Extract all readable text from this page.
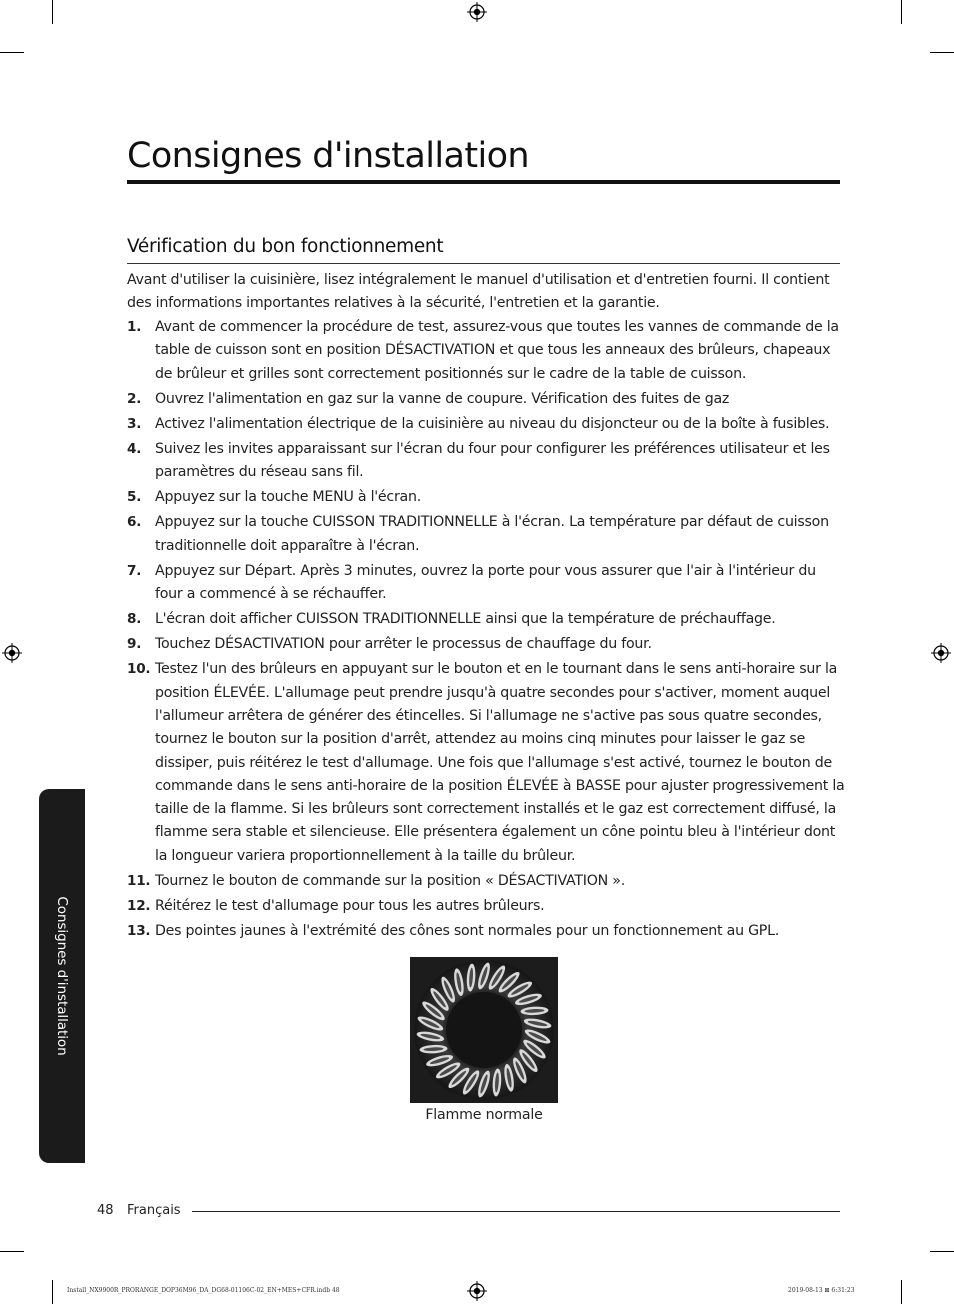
Consignes d'installation
Vérification du bon fonctionnement

Avant d'utiliser la cuisinière, lisez intégralement le manuel d'utilisation et d'entretien fourni. Il contient des informations importantes relatives à la sécurité, l'entretien et la garantie.

1. Avant de commencer la procédure de test, assurez-vous que toutes les vannes de commande de la table de cuisson sont en position DÉSACTIVATION et que tous les anneaux des brûleurs, chapeaux de brûleur et grilles sont correctement positionnés sur le cadre de la table de cuisson.
2. Ouvrez l'alimentation en gaz sur la vanne de coupure. Vérification des fuites de gaz
3. Activez l'alimentation électrique de la cuisinière au niveau du disjoncteur ou de la boîte à fusibles.
4. Suivez les invites apparaissant sur l'écran du four pour configurer les préférences utilisateur et les paramètres du réseau sans fil.
5. Appuyez sur la touche MENU à l'écran.
6. Appuyez sur la touche CUISSON TRADITIONNELLE à l'écran. La température par défaut de cuisson traditionnelle doit apparaître à l'écran.
7. Appuyez sur Départ. Après 3 minutes, ouvrez la porte pour vous assurer que l'air à l'intérieur du four a commencé à se réchauffer.
8. L'écran doit afficher CUISSON TRADITIONNELLE ainsi que la température de préchauffage.
9. Touchez DÉSACTIVATION pour arrêter le processus de chauffage du four.
10. Testez l'un des brûleurs en appuyant sur le bouton et en le tournant dans le sens anti-horaire sur la position ÉLEVÉE. L'allumage peut prendre jusqu'à quatre secondes pour s'activer, moment auquel l'allumeur arrêtera de générer des étincelles. Si l'allumage ne s'active pas sous quatre secondes, tournez le bouton sur la position d'arrêt, attendez au moins cinq minutes pour laisser le gaz se dissiper, puis réitérez le test d'allumage. Une fois que l'allumage s'est activé, tournez le bouton de commande dans le sens anti-horaire de la position ÉLEVÉE à BASSE pour ajuster progressivement la taille de la flamme. Si les brûleurs sont correctement installés et le gaz est correctement diffusé, la flamme sera stable et silencieuse. Elle présentera également un cône pointu bleu à l'intérieur dont la longueur variera proportionnellement à la taille du brûleur.
11. Tournez le bouton de commande sur la position « DÉSACTIVATION ».
12. Réitérez le test d'allumage pour tous les autres brûleurs.
13. Des pointes jaunes à l'extrémité des cônes sont normales pour un fonctionnement au GPL.
Flamme normale
Consignes d'installation
48 Français
Install_NX9900R_PRORANGE_DOP36M96_DA_DG68-01106C-02_EN+MES+CFR.indb 48	2019-08-13 ⊠ 6:31:23
